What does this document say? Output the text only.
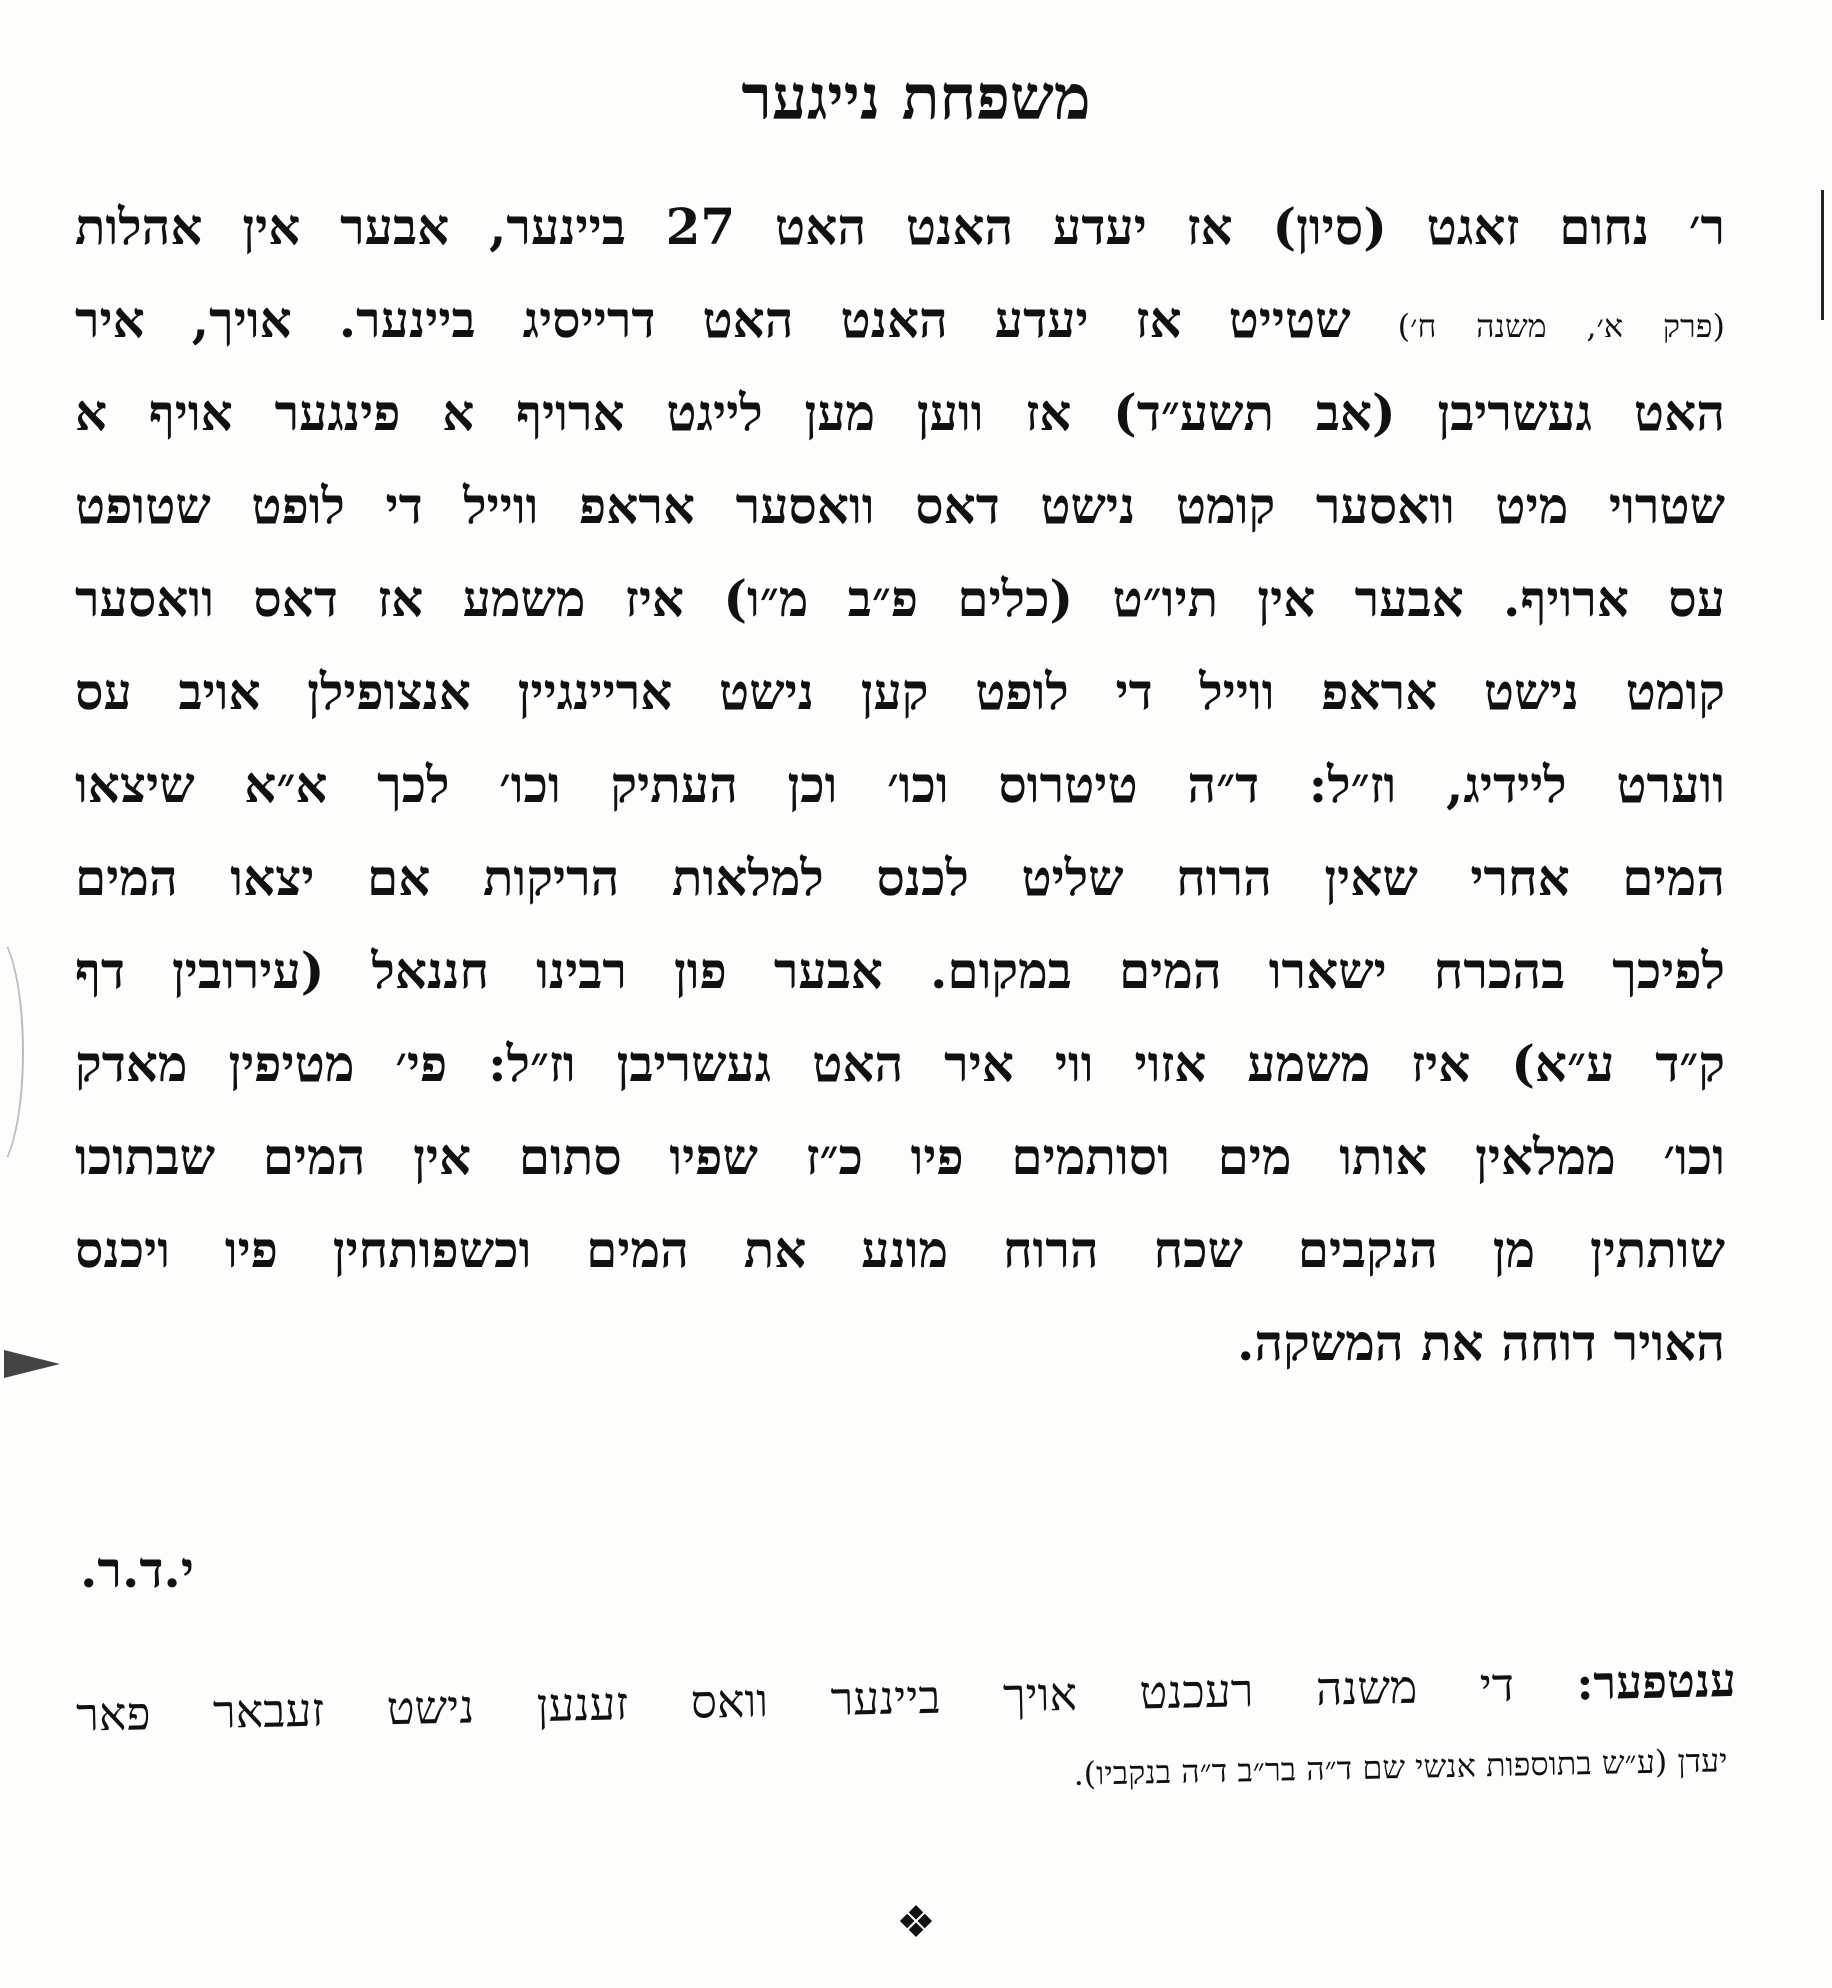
משפחת נייגער
ר׳ נחום זאגט (סיון) אז יעדע האנט האט 27 ביינער, אבער אין אהלות
(פרק א׳, משנה ח׳) שטייט אז יעדע האנט האט דרייסיג ביינער. אויך, איר
האט געשריבן (אב תשע״ד) אז ווען מען לייגט ארויף א פינגער אויף א
שטרוי מיט וואסער קומט נישט דאס וואסער אראפ ווייל די לופט שטופט
עס ארויף. אבער אין תיו״ט (כלים פ״ב מ״ו) איז משמע אז דאס וואסער
קומט נישט אראפ ווייל די לופט קען נישט אריינגיין אנצופילן אויב עס
ווערט ליידיג, וז״ל: ד״ה טיטרוס וכו׳ וכן העתיק וכו׳ לכך א״א שיצאו
המים אחרי שאין הרוח שליט לכנס למלאות הריקות אם יצאו המים
לפיכך בהכרח ישארו המים במקום. אבער פון רבינו חננאל (עירובין דף
ק״ד ע״א) איז משמע אזוי ווי איר האט געשריבן וז״ל: פי׳ מטיפין מאדק
וכו׳ ממלאין אותו מים וסותמים פיו כ״ז שפיו סתום אין המים שבתוכו
שותתין מן הנקבים שכח הרוח מונע את המים וכשפותחין פיו ויכנס
האויר דוחה את המשקה.
י.ד.ר.
ענטפער: די משנה רעכנט אויך ביינער וואס זענען נישט זעבאר פאר
יעדן (ע״ש בתוספות אנשי שם ד״ה בר״ב ד״ה בנקביו).
❖
